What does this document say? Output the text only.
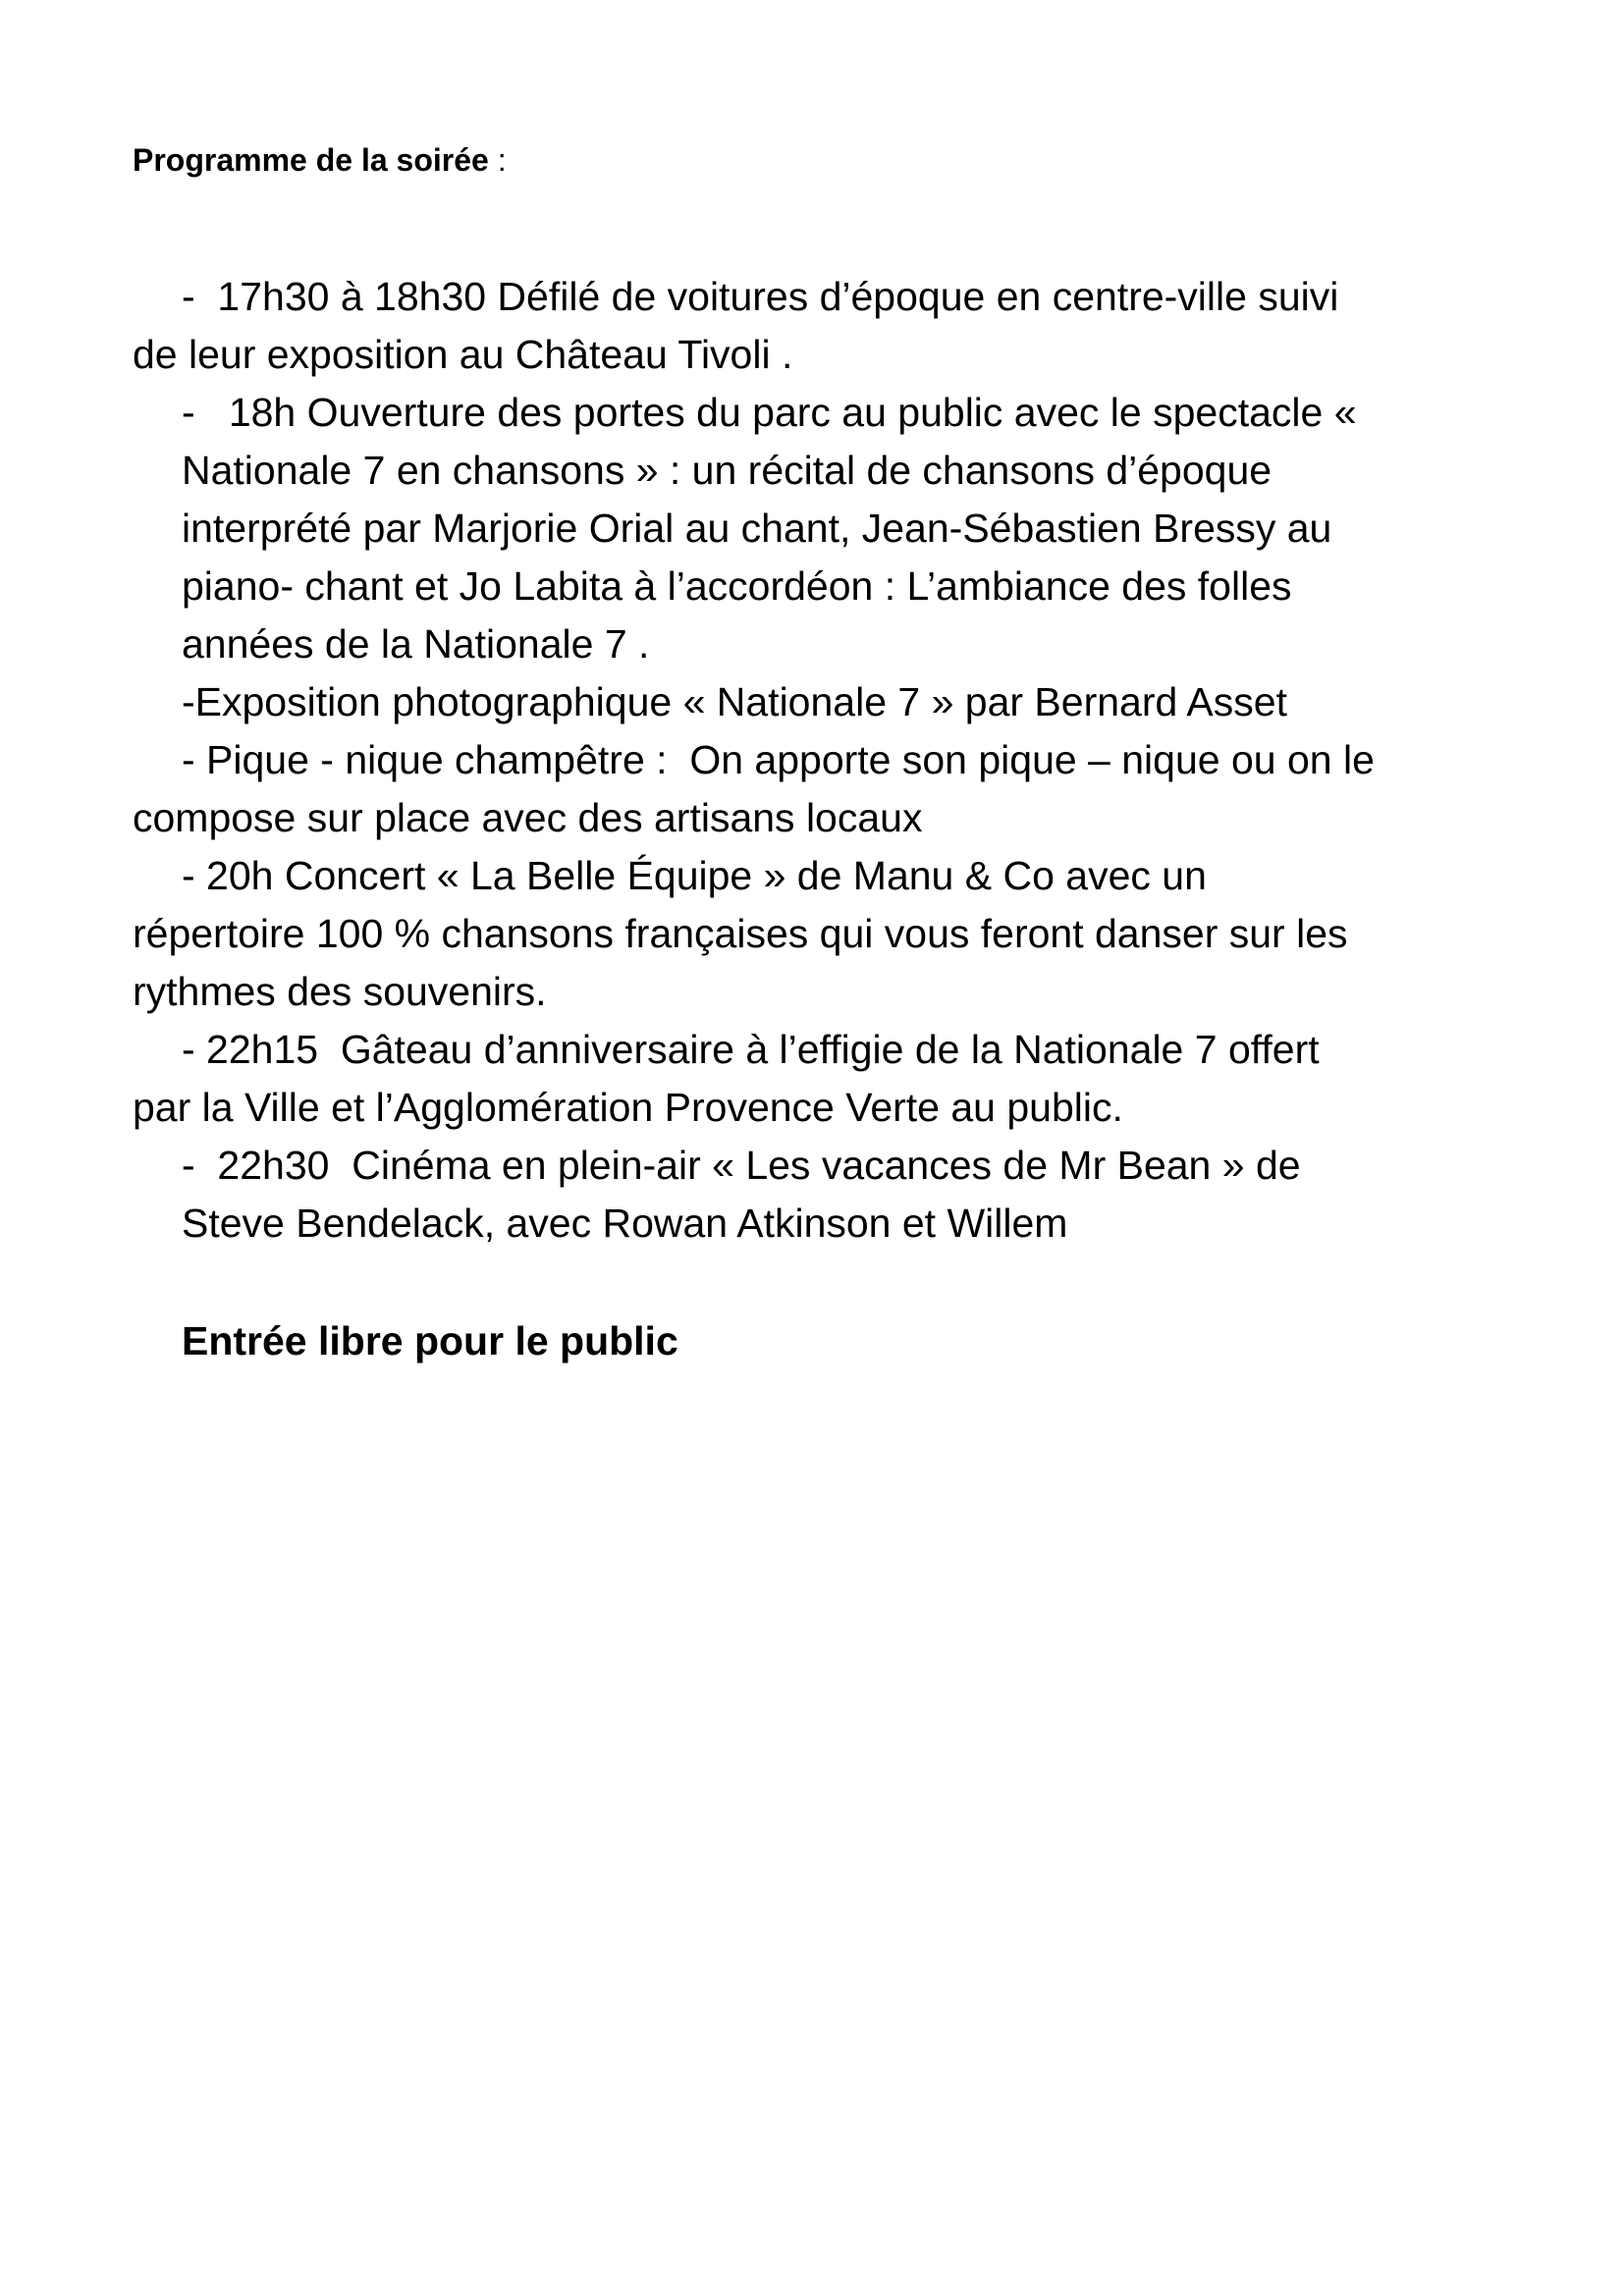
Programme de la soirée :
-  17h30 à 18h30 Défilé de voitures d’époque en centre-ville suivi
de leur exposition au Château Tivoli .
-   18h Ouverture des portes du parc au public avec le spectacle «
Nationale 7 en chansons » : un récital de chansons d’époque
interprété par Marjorie Orial au chant, Jean-Sébastien Bressy au
piano- chant et Jo Labita à l’accordéon : L’ambiance des folles
années de la Nationale 7 .
-Exposition photographique « Nationale 7 » par Bernard Asset
- Pique - nique champêtre :  On apporte son pique – nique ou on le
compose sur place avec des artisans locaux
- 20h Concert « La Belle Équipe » de Manu & Co avec un
répertoire 100 % chansons françaises qui vous feront danser sur les
rythmes des souvenirs.
- 22h15  Gâteau d’anniversaire à l’effigie de la Nationale 7 offert
par la Ville et l’Agglomération Provence Verte au public.
-  22h30  Cinéma en plein-air « Les vacances de Mr Bean » de
Steve Bendelack, avec Rowan Atkinson et Willem
Entrée libre pour le public
